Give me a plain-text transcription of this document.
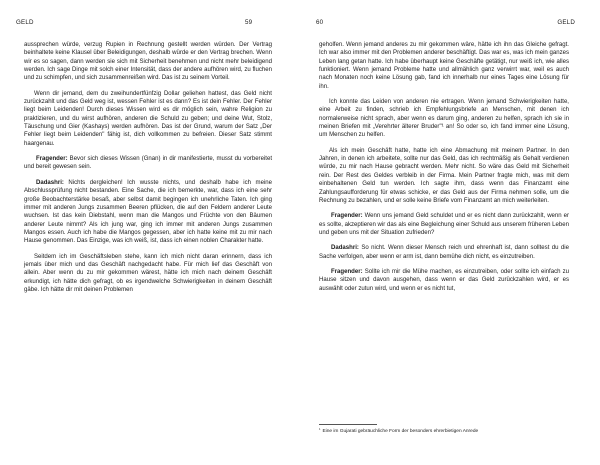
GELD	59

aussprechen würde, verzug Rupien in Rechnung gestellt werden würden. Der Vertrag beinhaltete keine Klausel über Beleidigungen, deshalb würde er den Vertrag brechen. Wenn wir es so sagen, dann werden sie sich mit Sicherheit benehmen und nicht mehr beleidigend werden. Ich sage Dinge mit solch einer Intensität, dass der andere aufhören wird, zu fluchen und zu schimpfen, und sich zusammenreißen wird. Das ist zu seinem Vorteil.

Wenn dir jemand, dem du zweihundertfünfzig Dollar geliehen hattest, das Geld nicht zurückzahlt und das Geld weg ist, wessen Fehler ist es dann? Es ist dein Fehler. Der Fehler liegt beim Leidenden! Durch dieses Wissen wird es dir möglich sein, wahre Religion zu praktizieren, und du wirst aufhören, anderen die Schuld zu geben; und deine Wut, Stolz, Täuschung und Gier (Kashays) werden aufhören. Das ist der Grund, warum der Satz „Der Fehler liegt beim Leidenden" fähig ist, dich vollkommen zu befreien. Dieser Satz stimmt haargenau.

Fragender: Bevor sich dieses Wissen (Gnan) in dir manifestierte, musst du vorbereitet und bereit gewesen sein.

Dadashri: Nichts dergleichen! Ich wusste nichts, und deshalb habe ich meine Abschlussprüfung nicht bestanden. Eine Sache, die ich bemerkte, war, dass ich eine sehr große Beobachterstärke besaß, aber selbst damit begingen ich unehrliche Taten. Ich ging immer mit anderen Jungs zusammen Beeren pflücken, die auf den Feldern anderer Leute wuchsen. Ist das kein Diebstahl, wenn man die Mangos und Früchte von den Bäumen anderer Leute nimmt? Als ich jung war, ging ich immer mit anderen Jungs zusammen Mangos essen. Auch ich habe die Mangos gegessen, aber ich hatte keine mit zu mir nach Hause genommen. Das Einzige, was ich weiß, ist, dass ich einen noblen Charakter hatte.

Seitdem ich im Geschäftsleben stehe, kann ich mich nicht daran erinnern, dass ich jemals über mich und das Geschäft nachgedacht habe. Für mich lief das Geschäft von allein. Aber wenn du zu mir gekommen wärest, hätte ich mich nach deinem Geschäft erkundigt, ich hätte dich gefragt, ob es irgendwelche Schwierigkeiten in deinem Geschäft gäbe. Ich hätte dir mit deinen Problemen

60	GELD

geholfen. Wenn jemand anderes zu mir gekommen wäre, hätte ich ihn das Gleiche gefragt. Ich war also immer mit den Problemen anderer beschäftigt. Das war es, was ich mein ganzes Leben lang getan hatte. Ich habe überhaupt keine Geschäfte getätigt, nur weiß ich, wie alles funktioniert. Wenn jemand Probleme hatte und allmählich ganz verwirrt war, weil es auch nach Monaten noch keine Lösung gab, fand ich innerhalb nur eines Tages eine Lösung für ihn.

Ich konnte das Leiden von anderen nie ertragen. Wenn jemand Schwierigkeiten hatte, eine Arbeit zu finden, schrieb ich Empfehlungsbriefe an Menschen, mit denen ich normalerweise nicht sprach, aber wenn es darum ging, anderen zu helfen, sprach ich sie in meinen Briefen mit „Verehrter älterer Bruder"¹ an! So oder so, ich fand immer eine Lösung, um Menschen zu helfen.

Als ich mein Geschäft hatte, hatte ich eine Abmachung mit meinem Partner. In den Jahren, in denen ich arbeitete, sollte nur das Geld, das ich rechtmäßig als Gehalt verdienen würde, zu mir nach Hause gebracht werden. Mehr nicht. So wäre das Geld mit Sicherheit rein. Der Rest des Geldes verbleib in der Firma. Mein Partner fragte mich, was mit dem einbehaltenen Geld tun werden. Ich sagte ihm, dass wenn das Finanzamt eine Zahlungsaufforderung für etwas schicke, er das Geld aus der Firma nehmen solle, um die Rechnung zu bezahlen, und er solle keine Briefe vom Finanzamt an mich weiterleiten.

Fragender: Wenn uns jemand Geld schuldet und er es nicht dann zurückzahlt, wenn er es sollte, akzeptieren wir das als eine Begleichung einer Schuld aus unserem früheren Leben und geben uns mit der Situation zufrieden?

Dadashri: So nicht. Wenn dieser Mensch reich und ehrenhaft ist, dann solltest du die Sache verfolgen, aber wenn er arm ist, dann bemühe dich nicht, es einzutreiben.

Fragender: Sollte ich mir die Mühe machen, es einzutreiben, oder sollte ich einfach zu Hause sitzen und davon ausgehen, dass wenn er das Geld zurückzahlen wird, er es auswählt oder zutun wird, und wenn er es nicht tut,

¹ Eine im Gujarati gebräuchliche Form der besonders ehrerbietigen Anrede
